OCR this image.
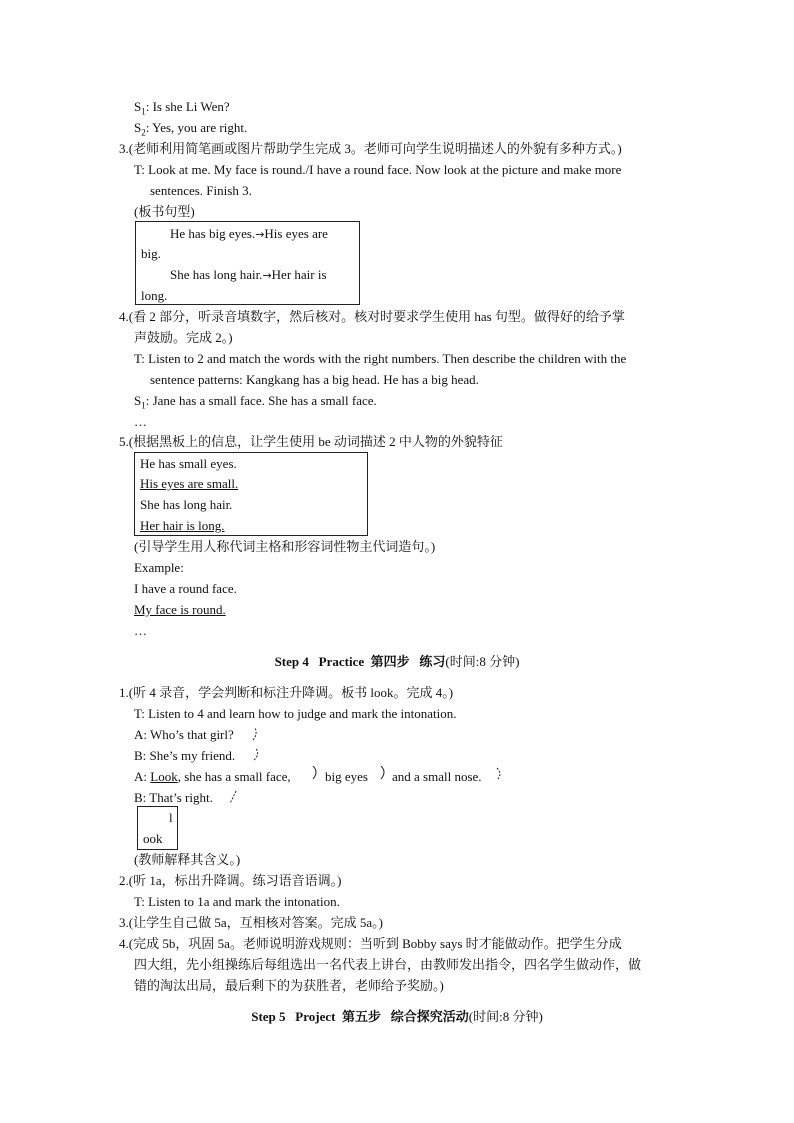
$S_1$: Is she Li Wen?
$S_2$: Yes, you are right.
3.(老师利用简笔画或图片帮助学生完成 3。老师可向学生说明描述人的外貌有多种方式。)
T: Look at me. My face is round./I have a round face. Now look at the picture and make more
sentences. Finish 3.
(板书句型)
He has big eyes.→His eyes are
big.
She has long hair.→Her hair is
long.
4.(看 2 部分，听录音填数字，然后核对。核对时要求学生使用 has 句型。做得好的给予掌
声鼓励。完成 2。)
T: Listen to 2 and match the words with the right numbers. Then describe the children with the
sentence patterns: Kangkang has a big head. He has a big head.
$S_1$: Jane has a small face. She has a small face.
…
5.(根据黑板上的信息，让学生使用 be 动词描述 2 中人物的外貌特征
He has small eyes.
His eyes are small.
She has long hair.
Her hair is long.
(引导学生用人称代词主格和形容词性物主代词造句。)
Example:
I have a round face.
My face is round.
…
Step 4 Practice 第四步 练习(时间:8 分钟)
1.(听 4 录音，学会判断和标注升降调。板书 look。完成 4。)
T: Listen to 4 and learn how to judge and mark the intonation.
A: Who’s that girl?
B: She’s my friend.
A: Look, she has a small face,	big eyes and a small nose.
B: That’s right.
l
ook
(教师解释其含义。)
2.(听 1a，标出升降调。练习语音语调。)
T: Listen to 1a and mark the intonation.
3.(让学生自己做 5a，互相核对答案。完成 5a。)
4.(完成 5b，巩固 5a。老师说明游戏规则：当听到 Bobby says 时才能做动作。把学生分成
四大组，先小组操练后每组选出一名代表上讲台，由教师发出指令，四名学生做动作，做
错的淘汰出局，最后剩下的为获胜者，老师给予奖励。)
Step 5 Project 第五步 综合探究活动(时间:8 分钟)
